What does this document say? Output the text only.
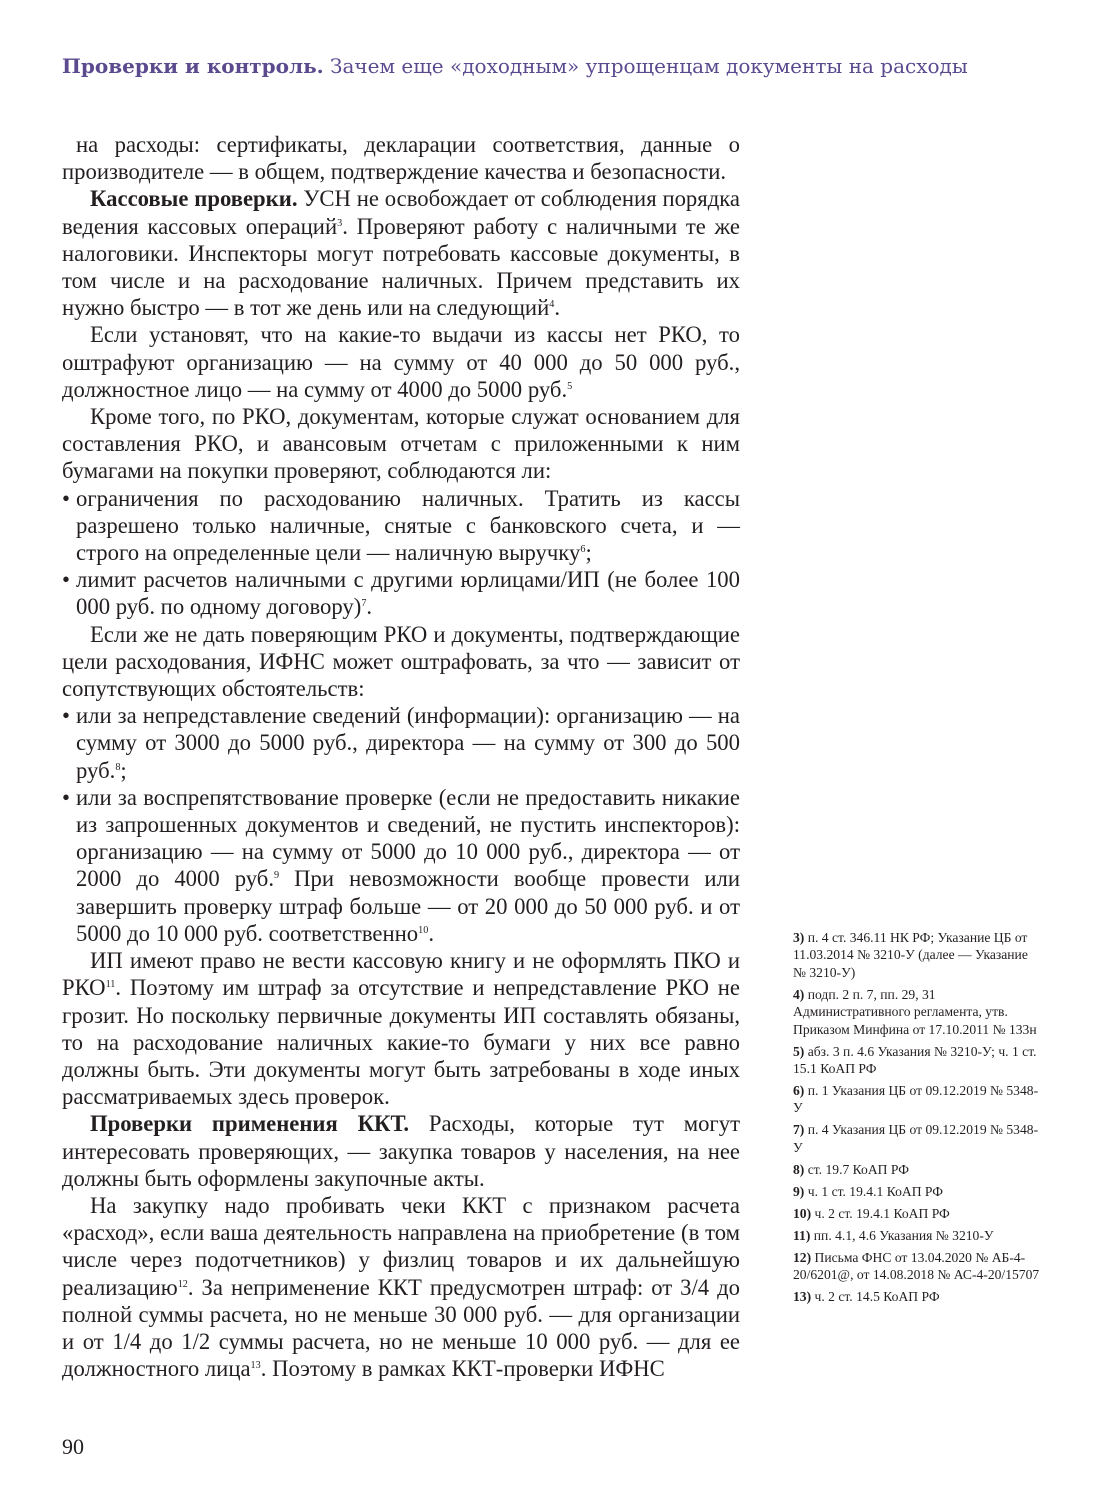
Проверки и контроль. Зачем еще «доходным» упрощенцам документы на расходы

на расходы: сертификаты, декларации соответствия, данные о производителе — в общем, подтверждение качества и безопасности.

Кассовые проверки. УСН не освобождает от соблюдения порядка ведения кассовых операций$^3$. Проверяют работу с наличными те же налоговики. Инспекторы могут потребовать кассовые документы, в том числе и на расходование наличных. Причем представить их нужно быстро — в тот же день или на следующий$^4$.

Если установят, что на какие-то выдачи из кассы нет РКО, то оштрафуют организацию — на сумму от 40 000 до 50 000 руб., должностное лицо — на сумму от 4000 до 5000 руб.$^5$

Кроме того, по РКО, документам, которые служат основанием для составления РКО, и авансовым отчетам с приложенными к ним бумагами на покупки проверяют, соблюдаются ли:

• ограничения по расходованию наличных. Тратить из кассы разрешено только наличные, снятые с банковского счета, и — строго на определенные цели — наличную выручку$^6$;
• лимит расчетов наличными с другими юрлицами/ИП (не более 100 000 руб. по одному договору)$^7$.

Если же не дать поверяющим РКО и документы, подтверждающие цели расходования, ИФНС может оштрафовать, за что — зависит от сопутствующих обстоятельств:

• или за непредставление сведений (информации): организацию — на сумму от 3000 до 5000 руб., директора — на сумму от 300 до 500 руб.$^8$;
• или за воспрепятствование проверке (если не предоставить никакие из запрошенных документов и сведений, не пустить инспекторов): организацию — на сумму от 5000 до 10 000 руб., директора — от 2000 до 4000 руб.$^9$ При невозможности вообще провести или завершить проверку штраф больше — от 20 000 до 50 000 руб. и от 5000 до 10 000 руб. соответственно$^{10}$.

ИП имеют право не вести кассовую книгу и не оформлять ПКО и РКО$^{11}$. Поэтому им штраф за отсутствие и непредставление РКО не грозит. Но поскольку первичные документы ИП составлять обязаны, то на расходование наличных какие-то бумаги у них все равно должны быть. Эти документы могут быть затребованы в ходе иных рассматриваемых здесь проверок.

Проверки применения ККТ. Расходы, которые тут могут интересовать проверяющих, — закупка товаров у населения, на нее должны быть оформлены закупочные акты.

На закупку надо пробивать чеки ККТ с признаком расчета «расход», если ваша деятельность направлена на приобретение (в том числе через подотчетников) у физлиц товаров и их дальнейшую реализацию$^{12}$. За неприменение ККТ предусмотрен штраф: от 3/4 до полной суммы расчета, но не меньше 30 000 руб. — для организации и от 1/4 до 1/2 суммы расчета, но не меньше 10 000 руб. — для ее должностного лица$^{13}$. Поэтому в рамках ККТ-проверки ИФНС

3) п. 4 ст. 346.11 НК РФ; Указание ЦБ от 11.03.2014 № 3210-У (далее — Указание № 3210-У)
4) подп. 2 п. 7, пп. 29, 31 Административного регламента, утв. Приказом Минфина от 17.10.2011 № 133н
5) абз. 3 п. 4.6 Указания № 3210-У; ч. 1 ст. 15.1 КоАП РФ
6) п. 1 Указания ЦБ от 09.12.2019 № 5348-У
7) п. 4 Указания ЦБ от 09.12.2019 № 5348-У
8) ст. 19.7 КоАП РФ
9) ч. 1 ст. 19.4.1 КоАП РФ
10) ч. 2 ст. 19.4.1 КоАП РФ
11) пп. 4.1, 4.6 Указания № 3210-У
12) Письма ФНС от 13.04.2020 № АБ-4-20/6201@, от 14.08.2018 № АС-4-20/15707
13) ч. 2 ст. 14.5 КоАП РФ
90
